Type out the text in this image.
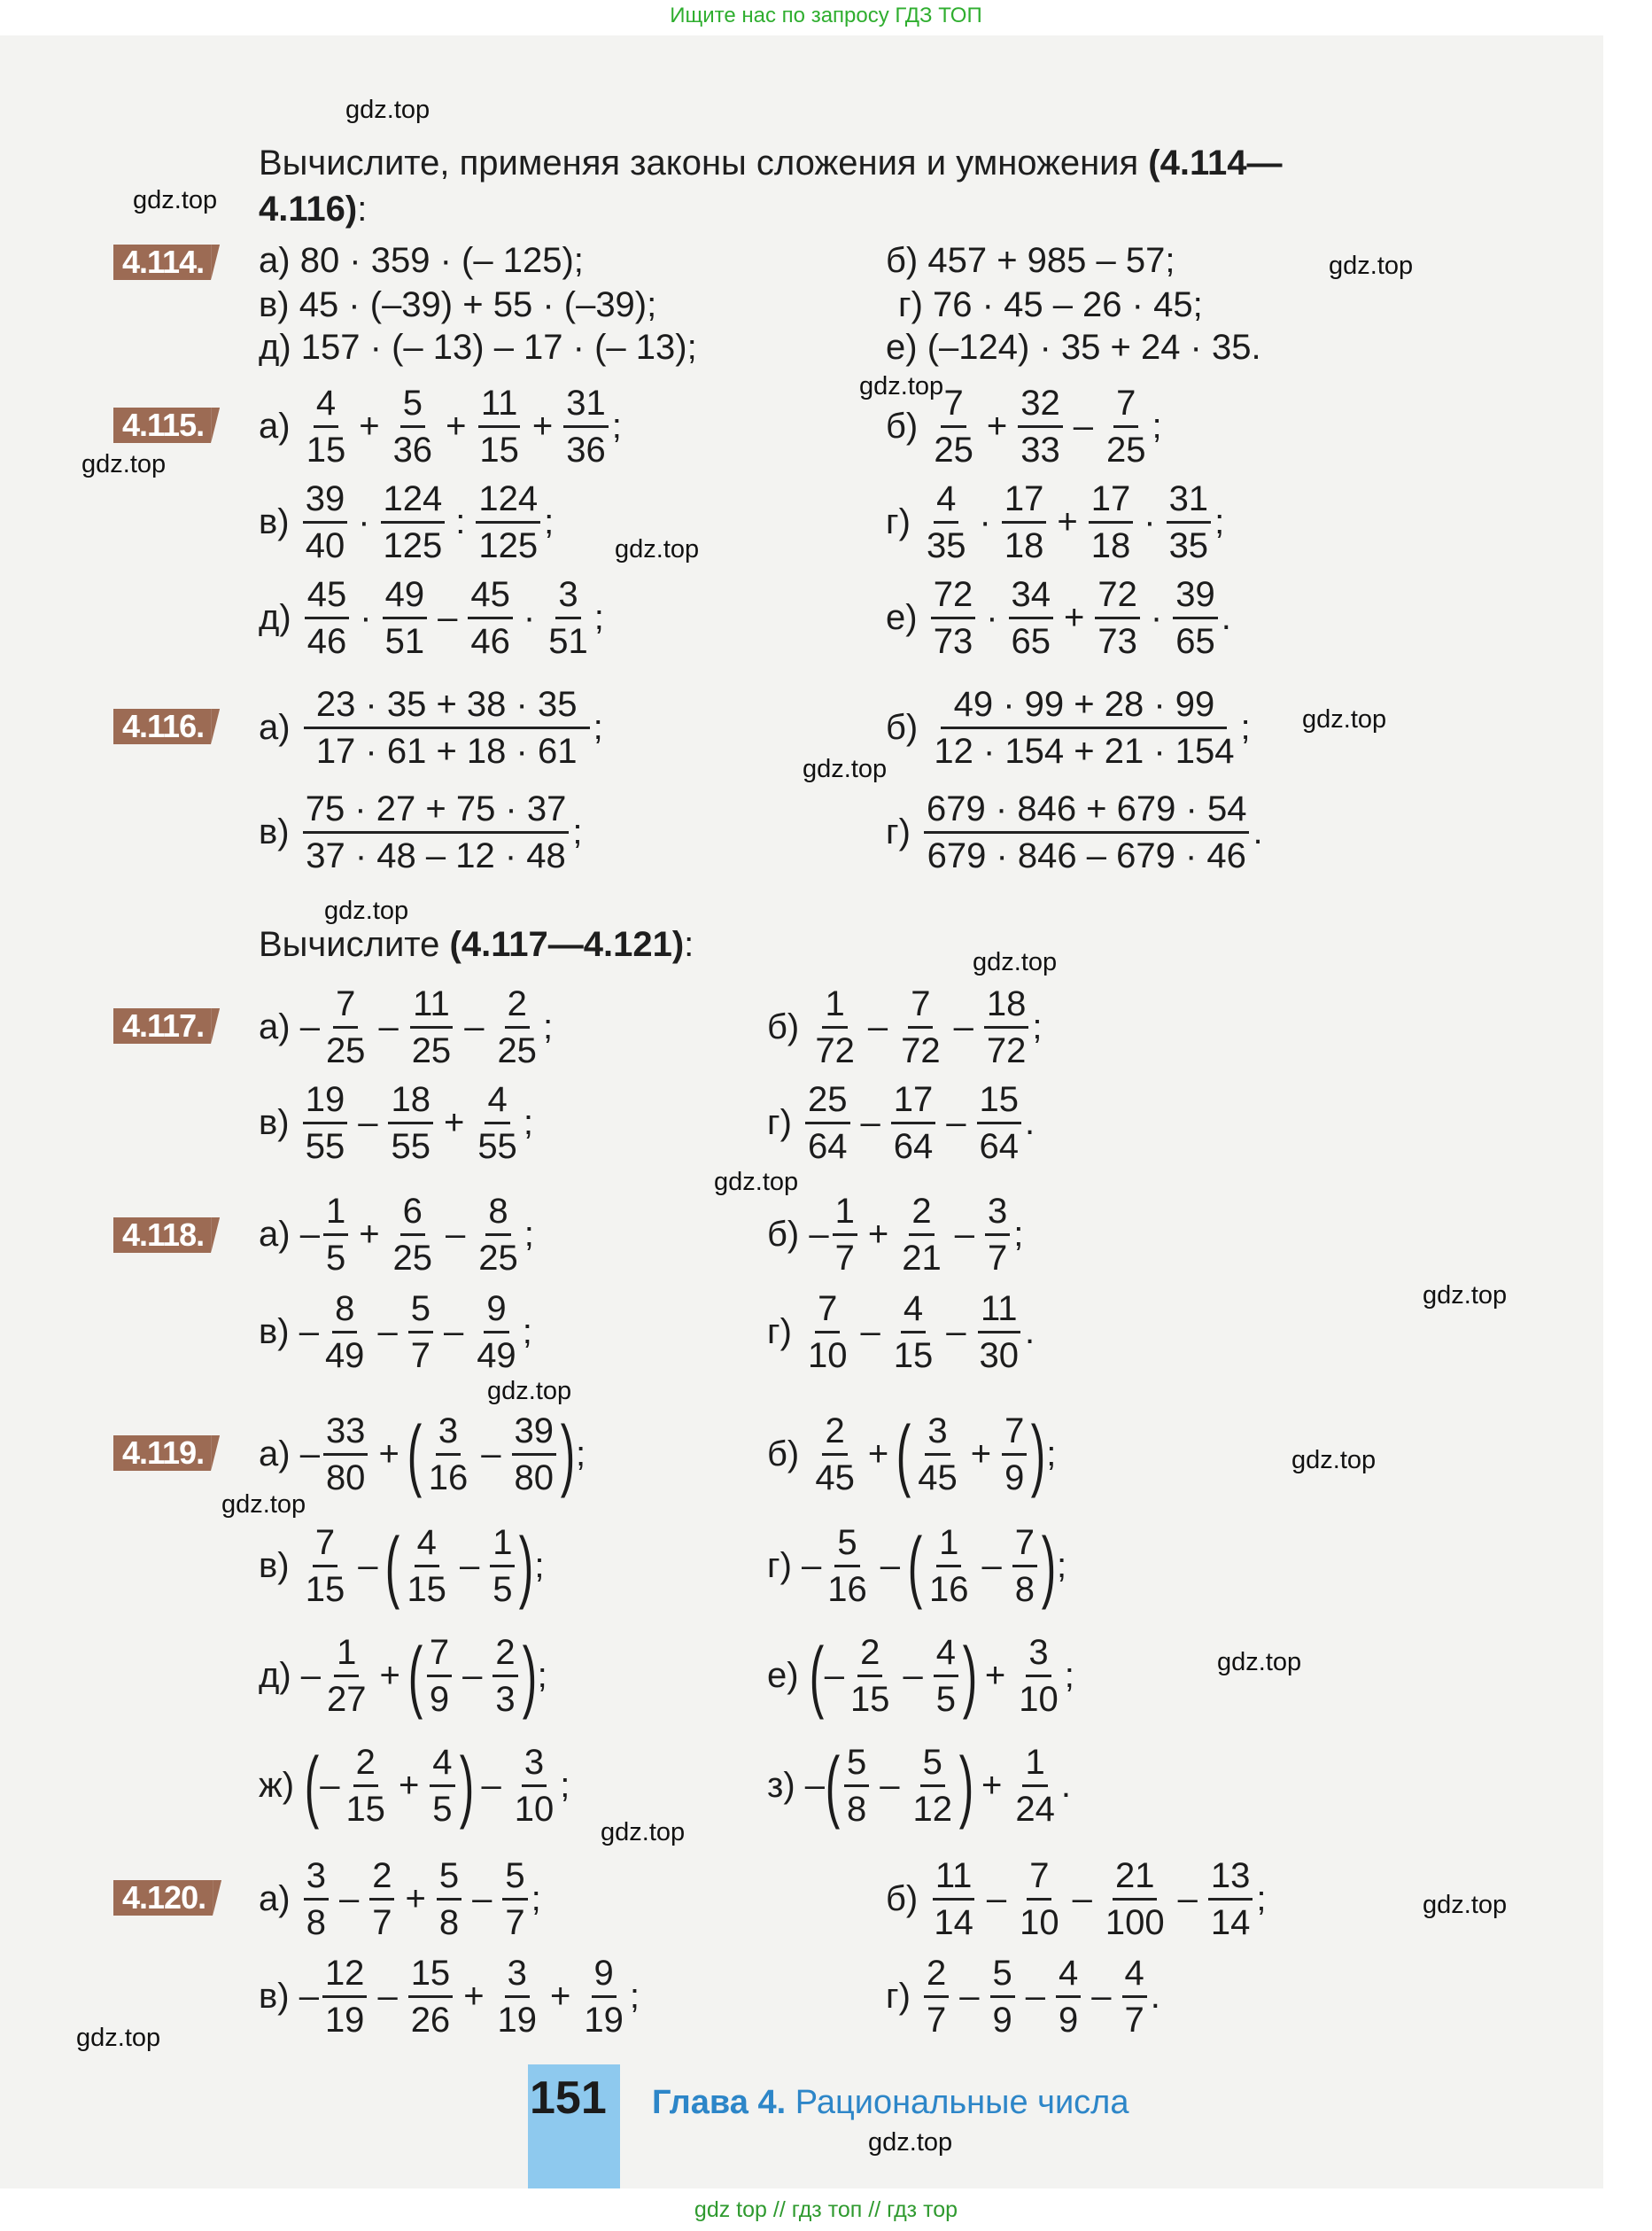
Ищите нас по запросу ГДЗ ТОП
gdz.top
gdz.top
gdz.top
gdz.top
gdz.top
gdz.top
gdz.top
gdz.top
gdz.top
gdz.top
gdz.top
gdz.top
gdz.top
gdz.top
gdz.top
gdz.top
gdz.top
gdz.top
gdz.top
gdz.top
Вычислите, применяя законы сложения и умножения (4.114—
4.116):
4.114. а) 80 · 359 · (– 125);	б) 457 + 985 – 57;
в) 45 · (–39) + 55 · (–39);	г) 76 · 45 – 26 · 45;
д) 157 · (– 13) – 17 · (– 13);	е) (–124) · 35 + 24 · 35.
4.115. а)
$\frac{4}{15} + \frac{5}{36} + \frac{11}{15} + \frac{31}{36}$ ;	б)
$\frac{7}{25} + \frac{32}{33} - \frac{7}{25}$ ;
в)
$\frac{39}{40} \cdot \frac{124}{125}$ : $\frac{124}{125}$ ;	г)
$\frac{4}{35} \cdot \frac{17}{18} + \frac{17}{18} \cdot \frac{31}{35}$ ;
д)
$\frac{45}{46} \cdot \frac{49}{51} - \frac{45}{46} \cdot \frac{3}{51}$ ;	е)
$\frac{72}{73} \cdot \frac{34}{65} + \frac{72}{73} \cdot \frac{39}{65}$ .
4.116. а)
$\frac{23 \cdot 35 + 38 \cdot 35}{17 \cdot 61 + 18 \cdot 61}$ ;	б)
$\frac{49 \cdot 99 + 28 \cdot 99}{12 \cdot 154 + 21 \cdot 154}$ ;
в)
$\frac{75 \cdot 27 + 75 \cdot 37}{37 \cdot 48 - 12 \cdot 48}$ ;	г)
$\frac{679 \cdot 846 + 679 \cdot 54}{679 \cdot 846 - 679 \cdot 46}$ .
Вычислите (4.117—4.121):
4.117. $а) - \frac{7}{25} - \frac{11}{25} - \frac{2}{25}$ ;	б)
$\frac{1}{72} - \frac{7}{72} - \frac{18}{72}$ ;
в)
$\frac{19}{55} - \frac{18}{55} + \frac{4}{55}$ ;	г)
$\frac{25}{64} - \frac{17}{64} - \frac{15}{64}$ .
4.118. $а) - \frac{1}{5} + \frac{6}{25} - \frac{8}{25}$ ;	$б) - \frac{1}{7} + \frac{2}{21} - \frac{3}{7}$ ;
$в) - \frac{8}{49} - \frac{5}{7} - \frac{9}{49}$ ;	г)
$\frac{7}{10} - \frac{4}{15} - \frac{11}{30}$ .
4.119. $а) - \frac{33}{80}$ + ( $\frac{3}{16} - \frac{39}{80}$ ) ;	б)
$\frac{2}{45}$ + ( $\frac{3}{45} + \frac{7}{9}$ ) ;
в)
$\frac{7}{15}$ – ( $\frac{4}{15} - \frac{1}{5}$ ) ;	$г) - \frac{5}{16}$ – ( $\frac{1}{16} - \frac{7}{8}$ ) ;
$д) - \frac{1}{27}$ + ( $\frac{7}{9} - \frac{2}{3}$ ) ;	е)
( – $\frac{2}{15} - \frac{4}{5}$ ) + $\frac{3}{10}$ ;
ж)
( – $\frac{2}{15} + \frac{4}{5}$ ) – $\frac{3}{10}$ ;	з) – ( $\frac{5}{8} - \frac{5}{12}$ ) + $\frac{1}{24}$ .
4.120. а)
$\frac{3}{8} - \frac{2}{7} + \frac{5}{8} - \frac{5}{7}$ ;	б)
$\frac{11}{14} - \frac{7}{10} - \frac{21}{100} - \frac{13}{14}$ ;
$в) - \frac{12}{19} - \frac{15}{26} + \frac{3}{19} + \frac{9}{19}$ ;	г)
$\frac{2}{7} - \frac{5}{9} - \frac{4}{9} - \frac{4}{7}$ .
151 Глава 4. Рациональные числа
gdz top // гдз топ // гдз тор
